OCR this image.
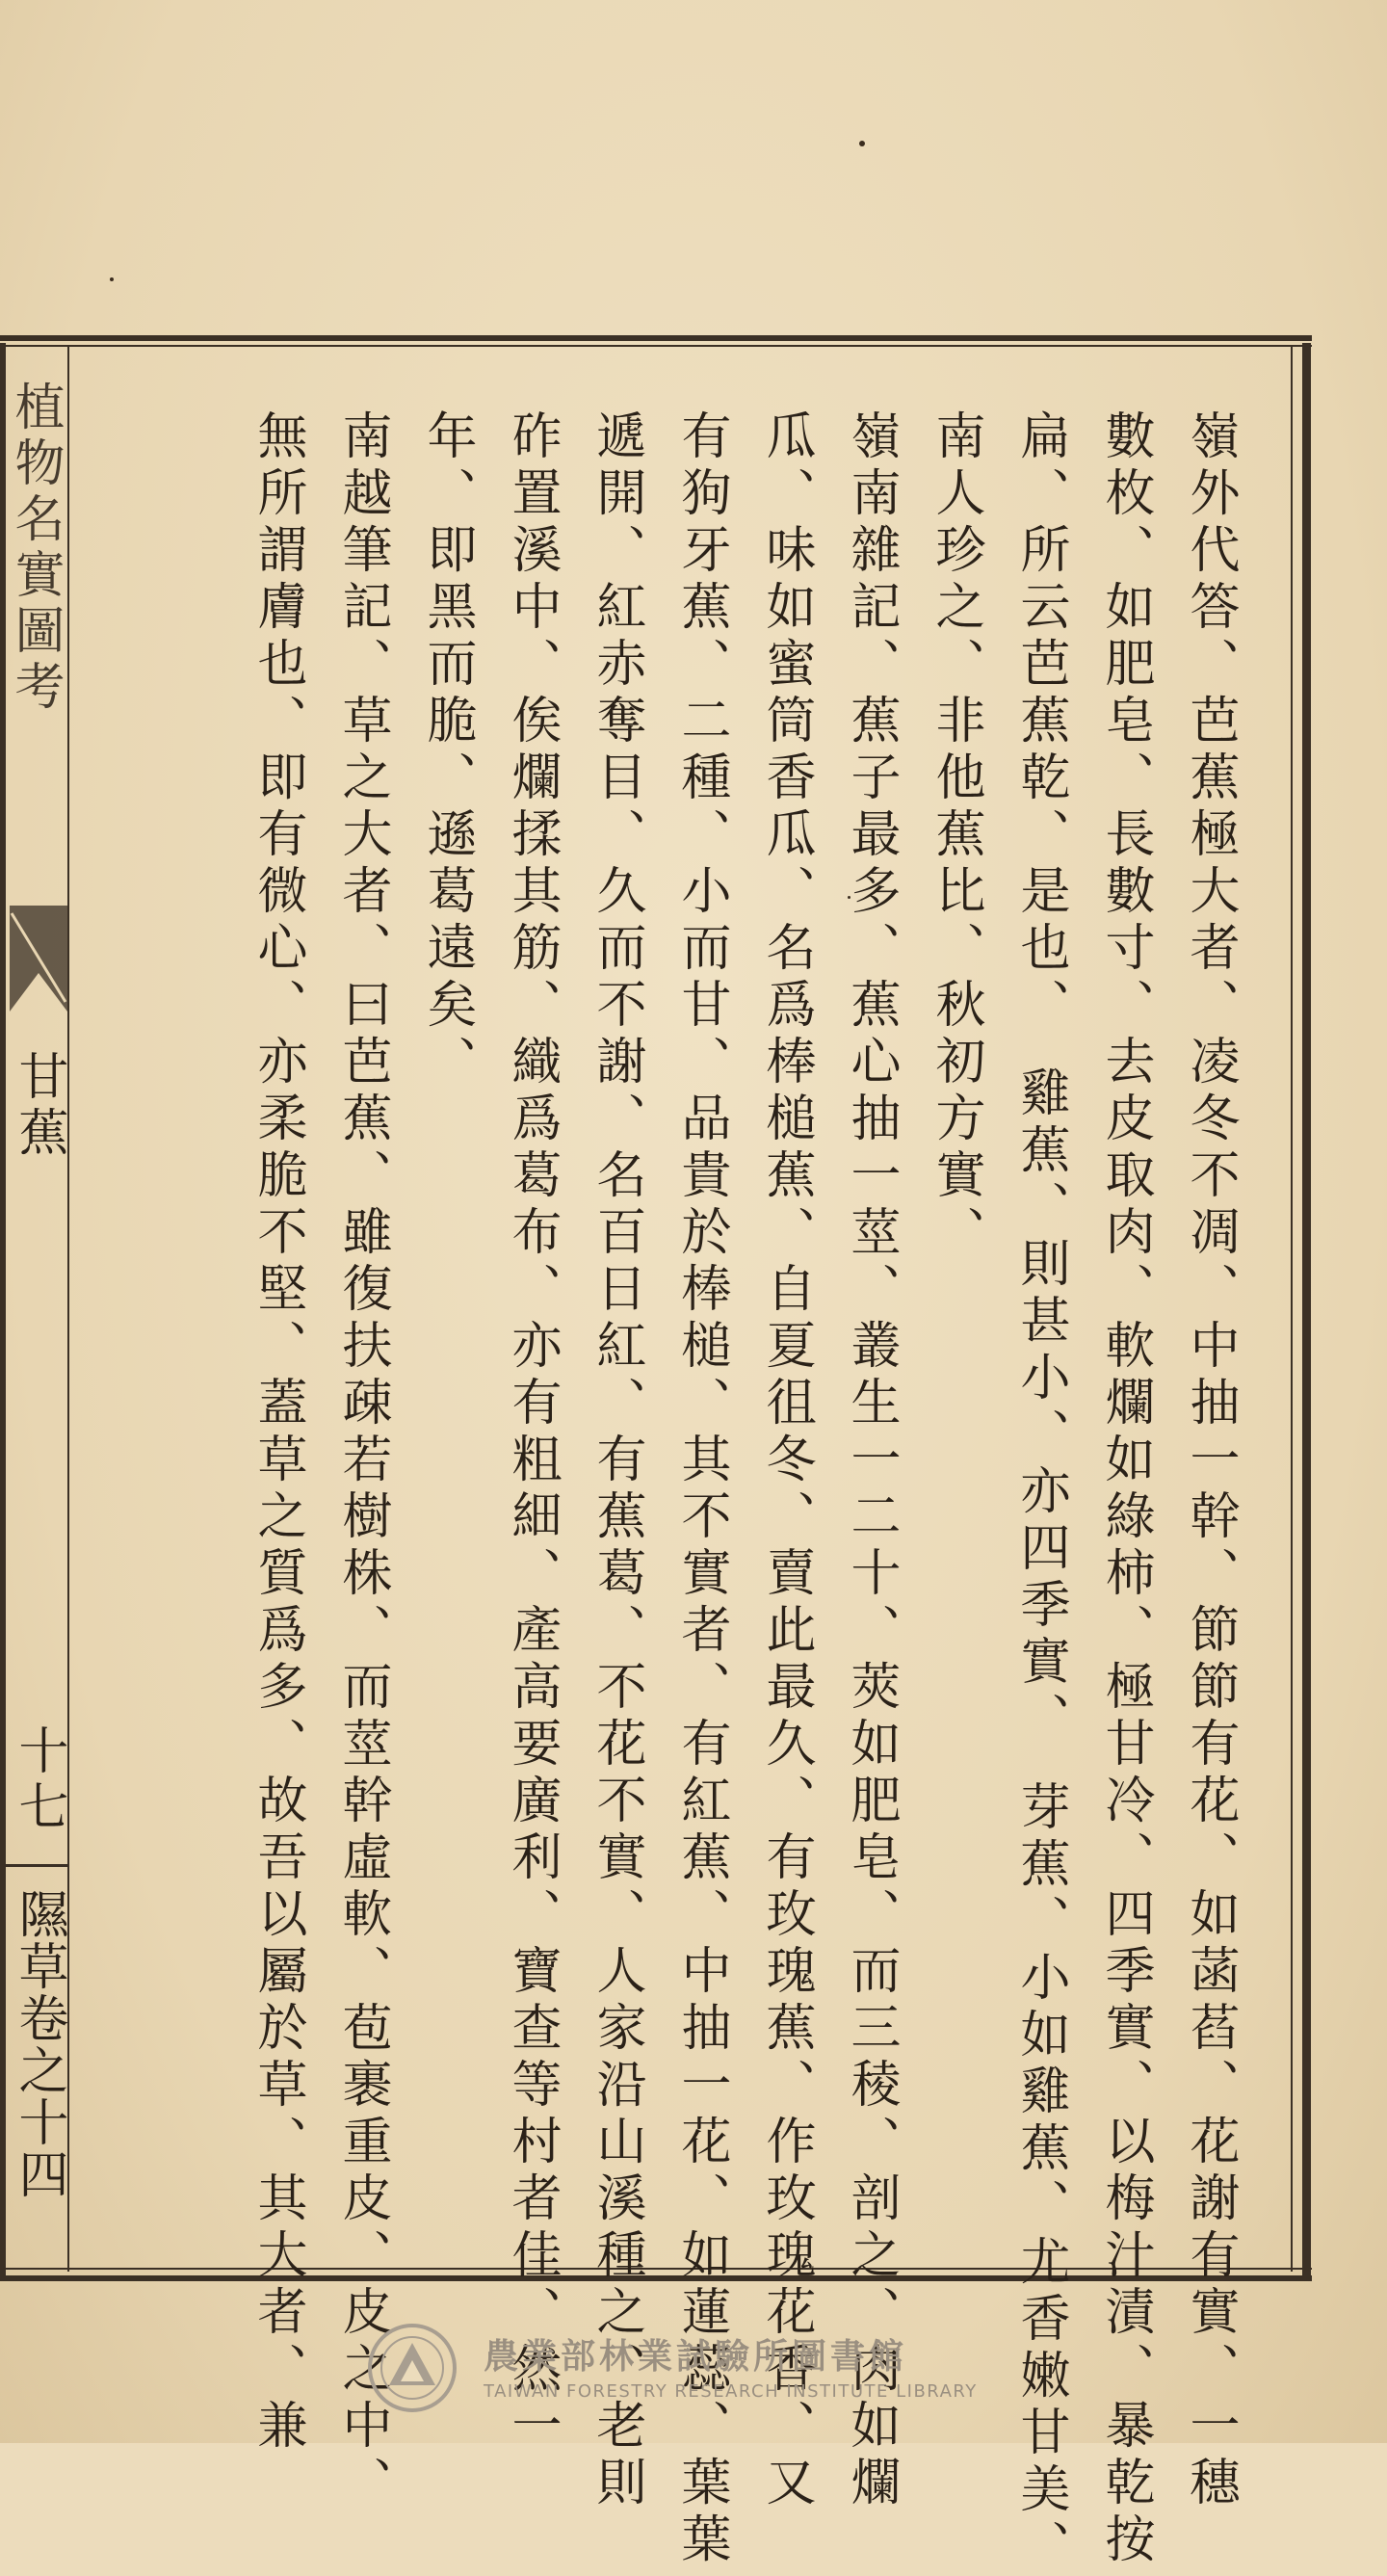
植物名實圖考
甘蕉
十七
隰草卷之十四	嶺外代答、芭蕉極大者、凌冬不凋、中抽一幹、節節有花、如菡萏、花謝有實、一穗
數枚、如肥皂、長數寸、去皮取肉、軟爛如綠柿、極甘冷、四季實、以梅汁漬、暴乾按
扁、所云芭蕉乾、是也、　雞蕉、則甚小、亦四季實、　芽蕉、小如雞蕉、尤香嫩甘美、
南人珍之、非他蕉比、秋初方實、
嶺南雜記、蕉子最多、蕉心抽一莖、叢生一二十、莢如肥皂、而三稜、剖之、肉如爛
瓜、味如蜜筒香瓜、名爲棒槌蕉、自夏徂冬、賣此最久、有玫瑰蕉、作玫瑰花香、又
有狗牙蕉、二種、小而甘、品貴於棒槌、其不實者、有紅蕉、中抽一花、如蓮蕊、葉葉
遞開、紅赤奪目、久而不謝、名百日紅、有蕉葛、不花不實、人家沿山溪種之、老則
砟置溪中、俟爛揉其筋、織爲葛布、亦有粗細、產高要廣利、寶查等村者佳、然一
年、即黑而脆、遜葛遠矣、
南越筆記、草之大者、曰芭蕉、雖復扶疎若樹株、而莖幹虛軟、苞裹重皮、皮之中、
無所謂膚也、即有微心、亦柔脆不堅、蓋草之質爲多、故吾以屬於草、其大者、兼	農業部林業試驗所圖書館
TAIWAN FORESTRY RESEARCH INSTITUTE LIBRARY
